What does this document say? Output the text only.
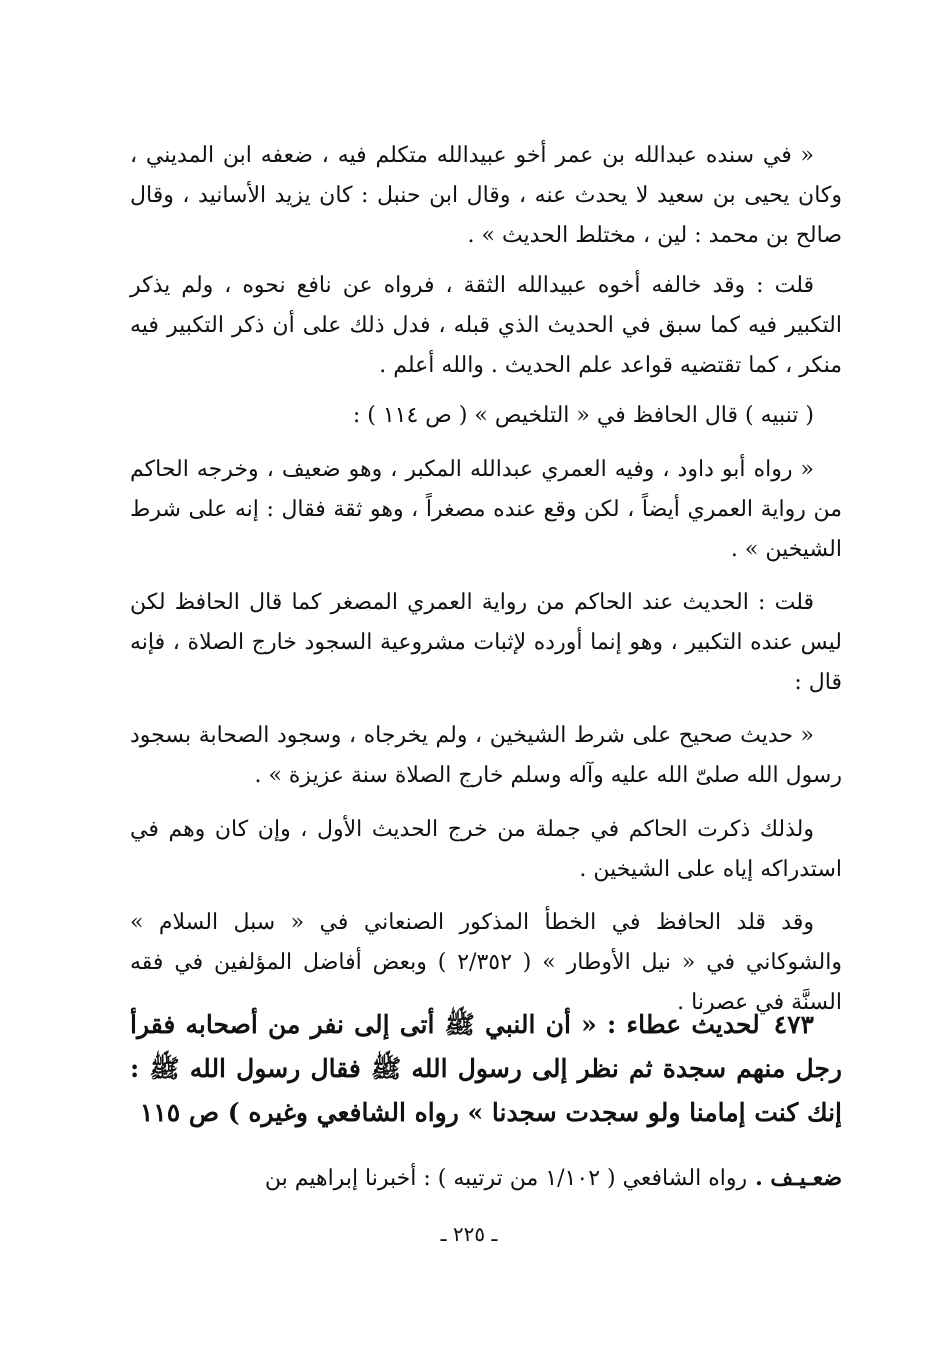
« في سنده عبدالله بن عمر أخو عبيدالله متكلم فيه ، ضعفه ابن المديني ، وكان يحيى بن سعيد لا يحدث عنه ، وقال ابن حنبل : كان يزيد الأسانيد ، وقال صالح بن محمد : لين ، مختلط الحديث » .

قلت : وقد خالفه أخوه عبيدالله الثقة ، فرواه عن نافع نحوه ، ولم يذكر التكبير فيه كما سبق في الحديث الذي قبله ، فدل ذلك على أن ذكر التكبير فيه منكر ، كما تقتضيه قواعد علم الحديث . والله أعلم .

( تنبيه ) قال الحافظ في « التلخيص » ( ص ١١٤ ) :

« رواه أبو داود ، وفيه العمري عبدالله المكبر ، وهو ضعيف ، وخرجه الحاكم من رواية العمري أيضاً ، لكن وقع عنده مصغراً ، وهو ثقة فقال : إنه على شرط الشيخين » .

قلت : الحديث عند الحاكم من رواية العمري المصغر كما قال الحافظ لكن ليس عنده التكبير ، وهو إنما أورده لإثبات مشروعية السجود خارج الصلاة ، فإنه قال :

« حديث صحيح على شرط الشيخين ، ولم يخرجاه ، وسجود الصحابة بسجود رسول الله صلىّ الله عليه وآله وسلم خارج الصلاة سنة عزيزة » .

ولذلك ذكرت الحاكم في جملة من خرج الحديث الأول ، وإن كان وهم في استدراكه إياه على الشيخين .

وقد قلد الحافظ في الخطأ المذكور الصنعاني في « سبل السلام » والشوكاني في « نيل الأوطار » ( ٢/٣٥٢ ) وبعض أفاضل المؤلفين في فقه السنَّة في عصرنا .

٤٧٣لحديث عطاء : « أن النبي ﷺ أتى إلى نفر من أصحابه فقرأ رجل منهم سجدة ثم نظر إلى رسول الله ﷺ فقال رسول الله ﷺ : إنك كنت إمامنا ولو سجدت سجدنا » رواه الشافعي وغيره ) ص ١١٥

ضعـيـف .رواه الشافعي ( ١/١٠٢ من ترتيبه ) : أخبرنا إبراهيم بن

ـ ٢٢٥ ـ
